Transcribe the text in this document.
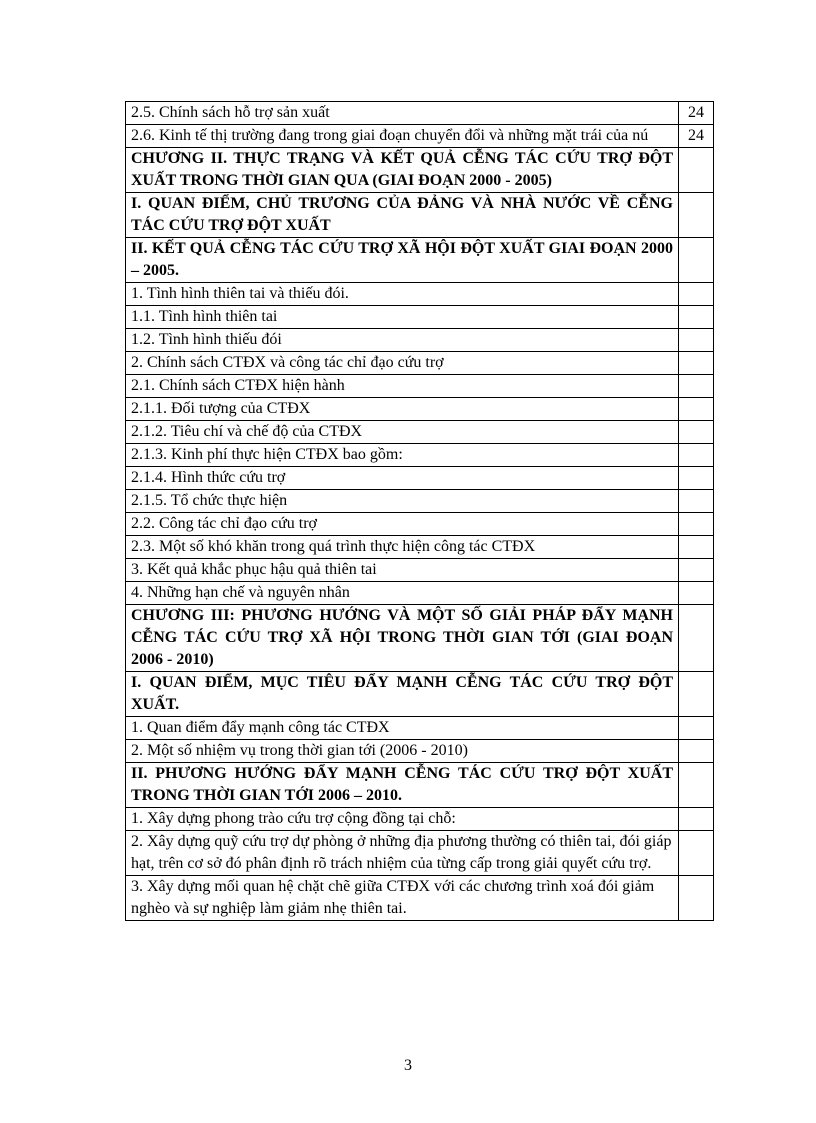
2.5. Chính sách hỗ trợ sản xuất	24
2.6. Kinh tế thị trường đang trong giai đoạn chuyển đổi và những mặt trái của nú	24
CHƯƠNG II. THỰC TRẠNG VÀ KẾT QUẢ CỄNG TÁC CỨU TRỢ ĐỘT XUẤT TRONG THỜI GIAN QUA (GIAI ĐOẠN 2000 - 2005)	
I. QUAN ĐIỂM, CHỦ TRƯƠNG CỦA ĐẢNG VÀ NHÀ NƯỚC VỀ CỄNG TÁC CỨU TRỢ ĐỘT XUẤT	
II. KẾT QUẢ CỄNG TÁC CỨU TRỢ XÃ HỘI ĐỘT XUẤT GIAI ĐOẠN 2000 – 2005.	
1. Tình hình thiên tai và thiếu đói.	
1.1. Tình hình thiên tai	
1.2. Tình hình thiếu đói	
2. Chính sách CTĐX và công tác chỉ đạo cứu trợ	
2.1. Chính sách CTĐX hiện hành	
2.1.1. Đối tượng của CTĐX	
2.1.2. Tiêu chí và chế độ của CTĐX	
2.1.3. Kinh phí thực hiện CTĐX bao gồm:	
2.1.4. Hình thức cứu trợ	
2.1.5. Tổ chức thực hiện	
2.2. Công tác chỉ đạo cứu trợ	
2.3. Một số khó khăn trong quá trình thực hiện công tác CTĐX	
3. Kết quả khắc phục hậu quả thiên tai	
4. Những hạn chế và nguyên nhân	
CHƯƠNG III: PHƯƠNG HƯỚNG VÀ MỘT SỐ GIẢI PHÁP ĐẨY MẠNH CỄNG TÁC CỨU TRỢ XÃ HỘI TRONG THỜI GIAN TỚI (GIAI ĐOẠN 2006 - 2010)	
I. QUAN ĐIỂM, MỤC TIÊU ĐẨY MẠNH CỄNG TÁC CỨU TRỢ ĐỘT XUẤT.	
1. Quan điểm đẩy mạnh công tác CTĐX	
2. Một số nhiệm vụ trong thời gian tới (2006 - 2010)	
II. PHƯƠNG HƯỚNG ĐẨY MẠNH CỄNG TÁC CỨU TRỢ ĐỘT XUẤT TRONG THỜI GIAN TỚI 2006 – 2010.	
1. Xây dựng phong trào cứu trợ cộng đồng tại chỗ:	
2. Xây dựng quỹ cứu trợ dự phòng ở những địa phương thường có thiên tai, đói giáp hạt, trên cơ sở đó phân định rõ trách nhiệm của từng cấp trong giải quyết cứu trợ.	
3. Xây dựng mối quan hệ chặt chẽ giữa CTĐX với các chương trình xoá đói giảm nghèo và sự nghiệp làm giảm nhẹ thiên tai.	
3
